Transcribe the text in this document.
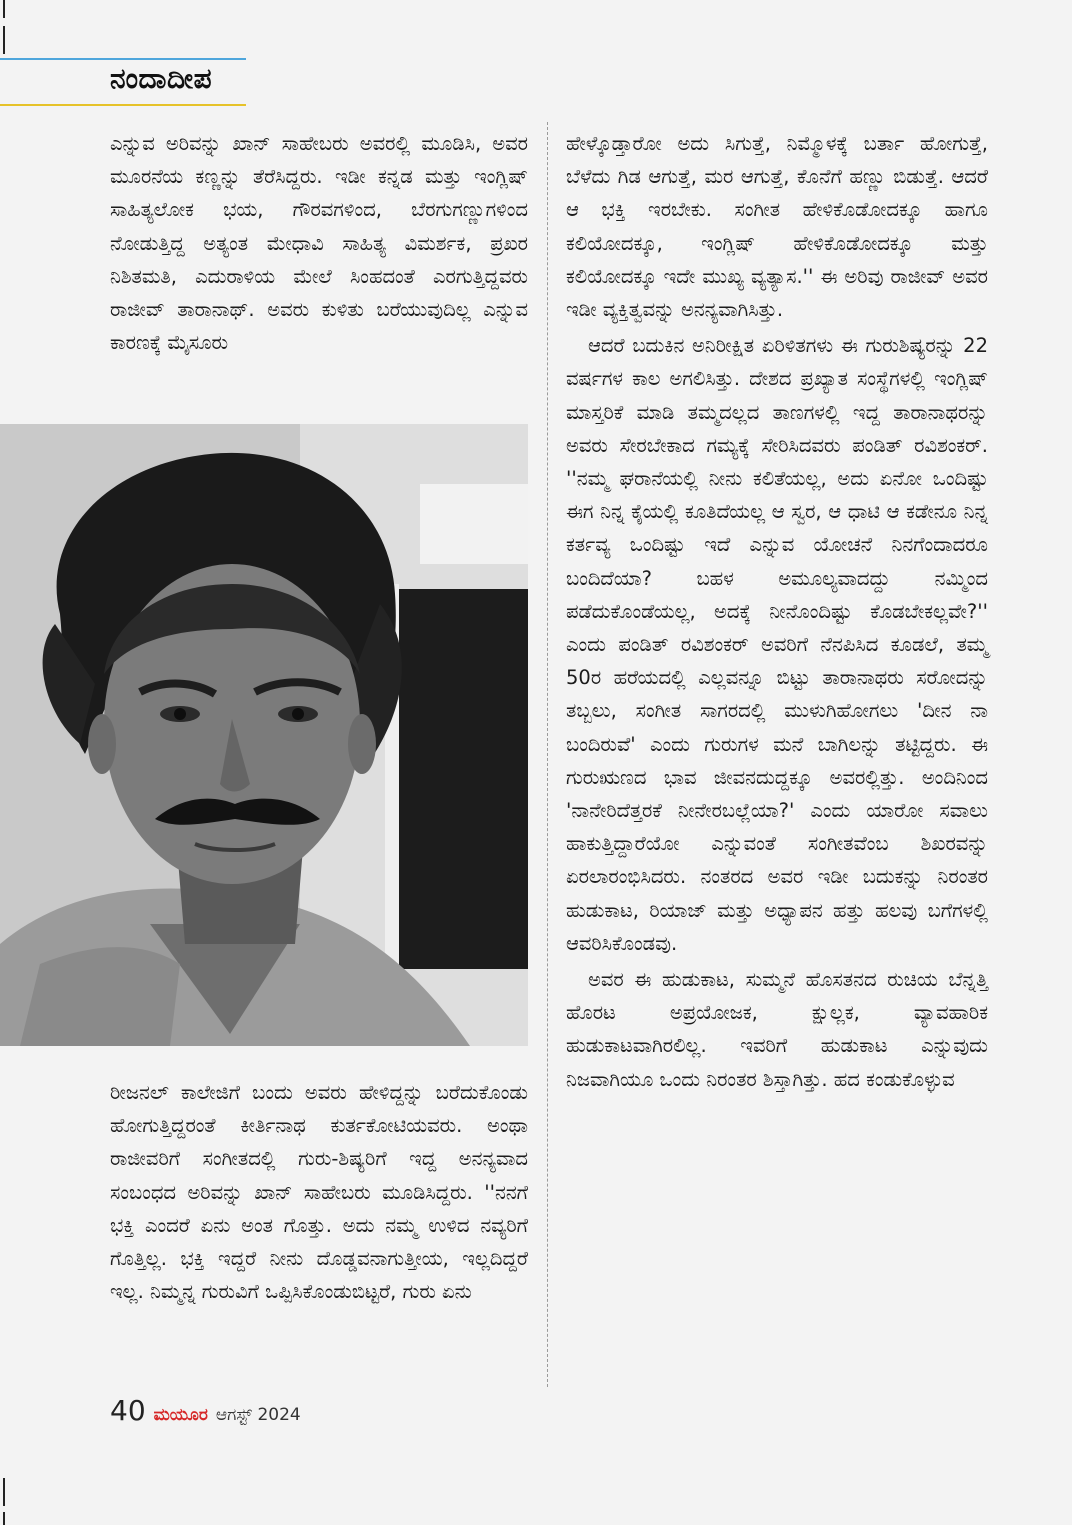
ನಂದಾದೀಪ

ಎನ್ನುವ ಅರಿವನ್ನು ಖಾನ್ ಸಾಹೇಬರು ಅವರಲ್ಲಿ ಮೂಡಿಸಿ, ಅವರ ಮೂರನೆಯ ಕಣ್ಣನ್ನು ತೆರೆಸಿದ್ದರು. ಇಡೀ ಕನ್ನಡ ಮತ್ತು ಇಂಗ್ಲಿಷ್ ಸಾಹಿತ್ಯಲೋಕ ಭಯ, ಗೌರವಗಳಿಂದ, ಬೆರಗುಗಣ್ಣುಗಳಿಂದ ನೋಡುತ್ತಿದ್ದ ಅತ್ಯಂತ ಮೇಧಾವಿ ಸಾಹಿತ್ಯ ವಿಮರ್ಶಕ, ಪ್ರಖರ ನಿಶಿತಮತಿ, ಎದುರಾಳಿಯ ಮೇಲೆ ಸಿಂಹದಂತೆ ಎರಗುತ್ತಿದ್ದವರು ರಾಜೀವ್ ತಾರಾನಾಥ್. ಅವರು ಕುಳಿತು ಬರೆಯುವುದಿಲ್ಲ ಎನ್ನುವ ಕಾರಣಕ್ಕೆ ಮೈಸೂರು

ರೀಜನಲ್ ಕಾಲೇಜಿಗೆ ಬಂದು ಅವರು ಹೇಳಿದ್ದನ್ನು ಬರೆದುಕೊಂಡು ಹೋಗುತ್ತಿದ್ದರಂತೆ ಕೀರ್ತಿನಾಥ ಕುರ್ತಕೋಟಿಯವರು. ಅಂಥಾ ರಾಜೀವರಿಗೆ ಸಂಗೀತದಲ್ಲಿ ಗುರು-ಶಿಷ್ಯರಿಗೆ ಇದ್ದ ಅನನ್ಯವಾದ ಸಂಬಂಧದ ಅರಿವನ್ನು ಖಾನ್ ಸಾಹೇಬರು ಮೂಡಿಸಿದ್ದರು. ''ನನಗೆ ಭಕ್ತಿ ಎಂದರೆ ಏನು ಅಂತ ಗೊತ್ತು. ಅದು ನಮ್ಮ ಉಳಿದ ನವ್ಯರಿಗೆ ಗೊತ್ತಿಲ್ಲ. ಭಕ್ತಿ ಇದ್ದರೆ ನೀನು ದೊಡ್ಡವನಾಗುತ್ತೀಯ, ಇಲ್ಲದಿದ್ದರೆ ಇಲ್ಲ. ನಿಮ್ಮನ್ನ ಗುರುವಿಗೆ ಒಪ್ಪಿಸಿಕೊಂಡುಬಿಟ್ಟರೆ, ಗುರು ಏನು

ಹೇಳ್ಕೊಡ್ತಾರೋ ಅದು ಸಿಗುತ್ತೆ, ನಿಮ್ಮೊಳಕ್ಕೆ ಬರ್ತಾ ಹೋಗುತ್ತೆ, ಬೆಳೆದು ಗಿಡ ಆಗುತ್ತೆ, ಮರ ಆಗುತ್ತೆ, ಕೊನೆಗೆ ಹಣ್ಣು ಬಿಡುತ್ತೆ. ಆದರೆ ಆ ಭಕ್ತಿ ಇರಬೇಕು. ಸಂಗೀತ ಹೇಳಿಕೊಡೋದಕ್ಕೂ ಹಾಗೂ ಕಲಿಯೋದಕ್ಕೂ, ಇಂಗ್ಲಿಷ್ ಹೇಳಿಕೊಡೋದಕ್ಕೂ ಮತ್ತು ಕಲಿಯೋದಕ್ಕೂ ಇದೇ ಮುಖ್ಯ ವ್ಯತ್ಯಾಸ.'' ಈ ಅರಿವು ರಾಜೀವ್ ಅವರ ಇಡೀ ವ್ಯಕ್ತಿತ್ವವನ್ನು ಅನನ್ಯವಾಗಿಸಿತ್ತು.

ಆದರೆ ಬದುಕಿನ ಅನಿರೀಕ್ಷಿತ ಏರಿಳಿತಗಳು ಈ ಗುರುಶಿಷ್ಯರನ್ನು 22 ವರ್ಷಗಳ ಕಾಲ ಅಗಲಿಸಿತ್ತು. ದೇಶದ ಪ್ರಖ್ಯಾತ ಸಂಸ್ಥೆಗಳಲ್ಲಿ ಇಂಗ್ಲಿಷ್ ಮಾಸ್ತರಿಕೆ ಮಾಡಿ ತಮ್ಮದಲ್ಲದ ತಾಣಗಳಲ್ಲಿ ಇದ್ದ ತಾರಾನಾಥರನ್ನು ಅವರು ಸೇರಬೇಕಾದ ಗಮ್ಯಕ್ಕೆ ಸೇರಿಸಿದವರು ಪಂಡಿತ್ ರವಿಶಂಕರ್. ''ನಮ್ಮ ಘರಾನೆಯಲ್ಲಿ ನೀನು ಕಲಿತೆಯಲ್ಲ, ಅದು ಏನೋ ಒಂದಿಷ್ಟು ಈಗ ನಿನ್ನ ಕೈಯಲ್ಲಿ ಕೂತಿದೆಯಲ್ಲ ಆ ಸ್ವರ, ಆ ಧಾಟಿ ಆ ಕಡೇನೂ ನಿನ್ನ ಕರ್ತವ್ಯ ಒಂದಿಷ್ಟು ಇದೆ ಎನ್ನುವ ಯೋಚನೆ ನಿನಗೆಂದಾದರೂ ಬಂದಿದೆಯಾ? ಬಹಳ ಅಮೂಲ್ಯವಾದದ್ದು ನಮ್ಮಿಂದ ಪಡೆದುಕೊಂಡೆಯಲ್ಲ, ಅದಕ್ಕೆ ನೀನೊಂದಿಷ್ಟು ಕೊಡಬೇಕಲ್ಲವೇ?'' ಎಂದು ಪಂಡಿತ್ ರವಿಶಂಕರ್ ಅವರಿಗೆ ನೆನಪಿಸಿದ ಕೂಡಲೆ, ತಮ್ಮ 50ರ ಹರೆಯದಲ್ಲಿ ಎಲ್ಲವನ್ನೂ ಬಿಟ್ಟು ತಾರಾನಾಥರು ಸರೋದನ್ನು ತಬ್ಬಲು, ಸಂಗೀತ ಸಾಗರದಲ್ಲಿ ಮುಳುಗಿಹೋಗಲು 'ದೀನ ನಾ ಬಂದಿರುವೆ' ಎಂದು ಗುರುಗಳ ಮನೆ ಬಾಗಿಲನ್ನು ತಟ್ಟಿದ್ದರು. ಈ ಗುರುಋಣದ ಭಾವ ಜೀವನದುದ್ದಕ್ಕೂ ಅವರಲ್ಲಿತ್ತು. ಅಂದಿನಿಂದ 'ನಾನೇರಿದೆತ್ತರಕೆ ನೀನೇರಬಲ್ಲೆಯಾ?' ಎಂದು ಯಾರೋ ಸವಾಲು ಹಾಕುತ್ತಿದ್ದಾರೆಯೋ ಎನ್ನುವಂತೆ ಸಂಗೀತವೆಂಬ ಶಿಖರವನ್ನು ಏರಲಾರಂಭಿಸಿದರು. ನಂತರದ ಅವರ ಇಡೀ ಬದುಕನ್ನು ನಿರಂತರ ಹುಡುಕಾಟ, ರಿಯಾಜ್ ಮತ್ತು ಅಧ್ಯಾಪನ ಹತ್ತು ಹಲವು ಬಗೆಗಳಲ್ಲಿ ಆವರಿಸಿಕೊಂಡವು.

ಅವರ ಈ ಹುಡುಕಾಟ, ಸುಮ್ಮನೆ ಹೊಸತನದ ರುಚಿಯ ಬೆನ್ನತ್ತಿ ಹೊರಟ ಅಪ್ರಯೋಜಕ, ಕ್ಷುಲ್ಲಕ, ವ್ಯಾವಹಾರಿಕ ಹುಡುಕಾಟವಾಗಿರಲಿಲ್ಲ. ಇವರಿಗೆ ಹುಡುಕಾಟ ಎನ್ನುವುದು ನಿಜವಾಗಿಯೂ ಒಂದು ನಿರಂತರ ಶಿಸ್ತಾಗಿತ್ತು. ಹದ ಕಂಡುಕೊಳ್ಳುವ

40 ಮಯೂರ ಆಗಸ್ಟ್ 2024
